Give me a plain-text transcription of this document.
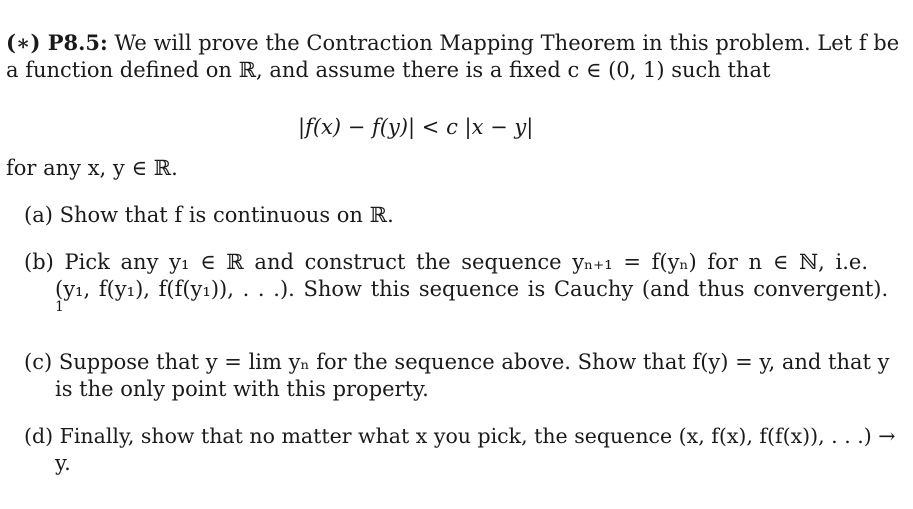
(∗) P8.5: We will prove the Contraction Mapping Theorem in this problem. Let f be
a function defined on ℝ, and assume there is a fixed c ∈ (0, 1) such that
|f(x) − f(y)| < c |x − y|
for any x, y ∈ ℝ.
(a) Show that f is continuous on ℝ.
(b) Pick any y₁ ∈ ℝ and construct the sequence yₙ₊₁ = f(yₙ) for n ∈ ℕ, i.e.
(y₁, f(y₁), f(f(y₁)), . . .). Show this sequence is Cauchy (and thus convergent).
1
(c) Suppose that y = lim yₙ for the sequence above. Show that f(y) = y, and that y
is the only point with this property.
(d) Finally, show that no matter what x you pick, the sequence (x, f(x), f(f(x)), . . .) →
y.
